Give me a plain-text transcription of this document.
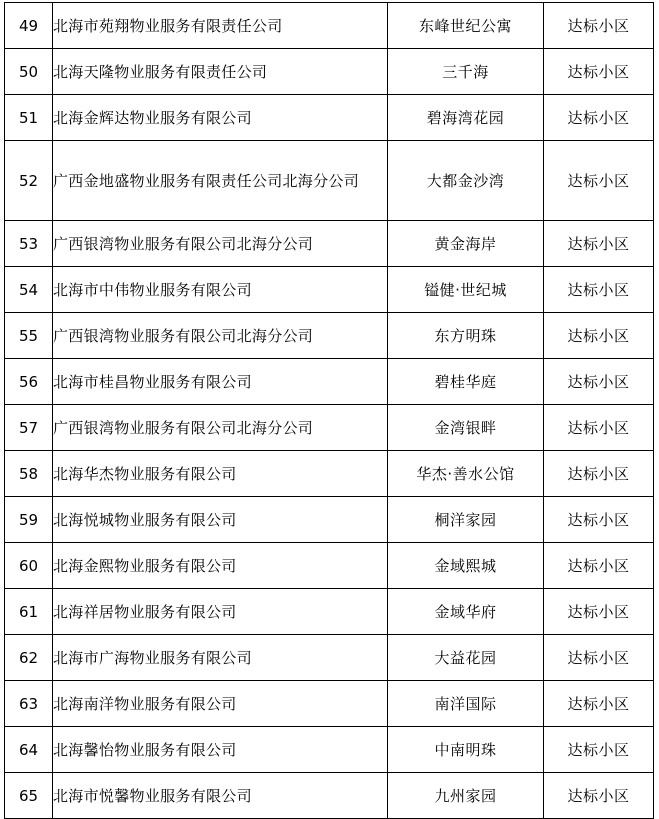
49	北海市苑翔物业服务有限责任公司	东峰世纪公寓	达标小区
50	北海天隆物业服务有限责任公司	三千海	达标小区
51	北海金辉达物业服务有限公司	碧海湾花园	达标小区
52	广西金地盛物业服务有限责任公司北海分公司	大都金沙湾	达标小区
53	广西银湾物业服务有限公司北海分公司	黄金海岸	达标小区
54	北海市中伟物业服务有限公司	镒健·世纪城	达标小区
55	广西银湾物业服务有限公司北海分公司	东方明珠	达标小区
56	北海市桂昌物业服务有限公司	碧桂华庭	达标小区
57	广西银湾物业服务有限公司北海分公司	金湾银畔	达标小区
58	北海华杰物业服务有限公司	华杰·善水公馆	达标小区
59	北海悦城物业服务有限公司	桐洋家园	达标小区
60	北海金熙物业服务有限公司	金域熙城	达标小区
61	北海祥居物业服务有限公司	金域华府	达标小区
62	北海市广海物业服务有限公司	大益花园	达标小区
63	北海南洋物业服务有限公司	南洋国际	达标小区
64	北海馨怡物业服务有限公司	中南明珠	达标小区
65	北海市悦馨物业服务有限公司	九州家园	达标小区
